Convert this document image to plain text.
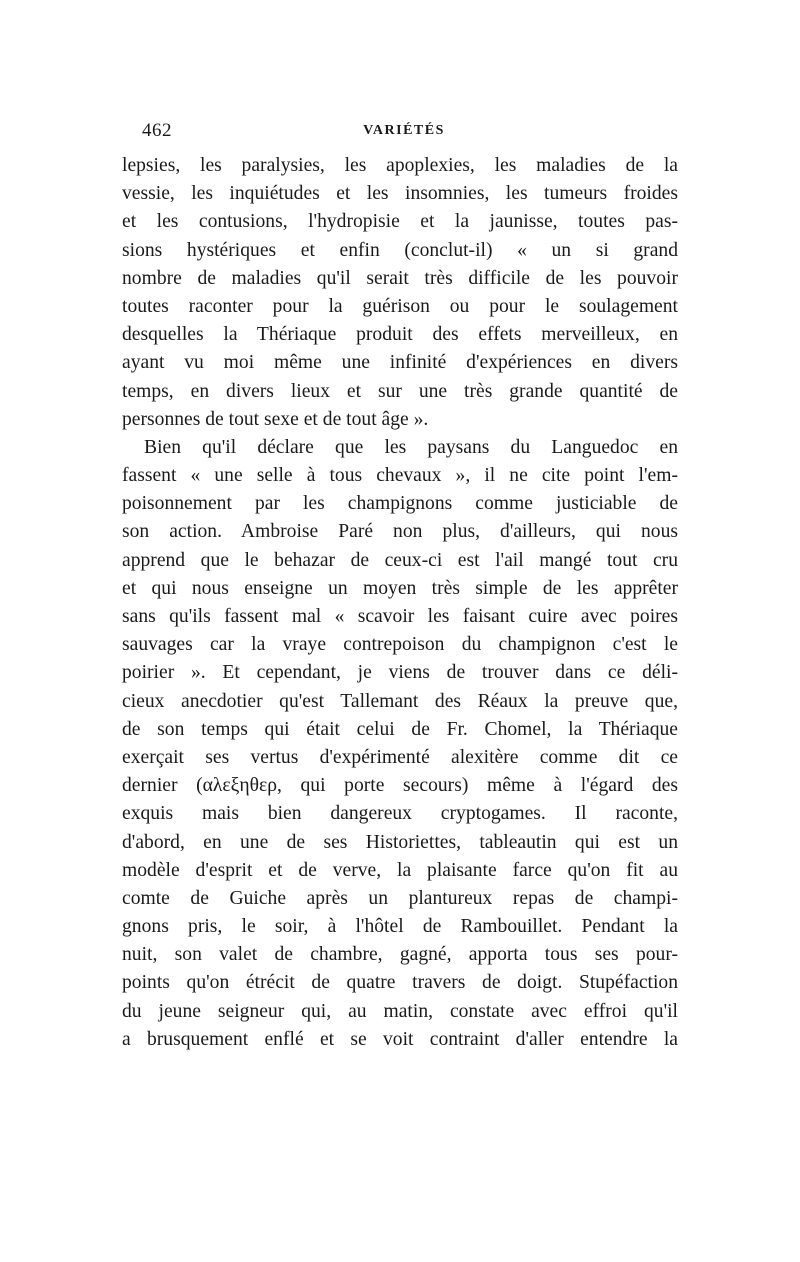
462	VARIÉTÉS
lepsies, les paralysies, les apoplexies, les maladies de la
vessie, les inquiétudes et les insomnies, les tumeurs froides
et les contusions, l'hydropisie et la jaunisse, toutes pas-
sions hystériques et enfin (conclut-il) « un si grand
nombre de maladies qu'il serait très difficile de les pouvoir
toutes raconter pour la guérison ou pour le soulagement
desquelles la Thériaque produit des effets merveilleux, en
ayant vu moi même une infinité d'expériences en divers
temps, en divers lieux et sur une très grande quantité de
personnes de tout sexe et de tout âge ».
Bien qu'il déclare que les paysans du Languedoc en
fassent « une selle à tous chevaux », il ne cite point l'em-
poisonnement par les champignons comme justiciable de
son action. Ambroise Paré non plus, d'ailleurs, qui nous
apprend que le behazar de ceux-ci est l'ail mangé tout cru
et qui nous enseigne un moyen très simple de les apprêter
sans qu'ils fassent mal « scavoir les faisant cuire avec poires
sauvages car la vraye contrepoison du champignon c'est le
poirier ». Et cependant, je viens de trouver dans ce déli-
cieux anecdotier qu'est Tallemant des Réaux la preuve que,
de son temps qui était celui de Fr. Chomel, la Thériaque
exerçait ses vertus d'expérimenté alexitère comme dit ce
dernier (αλεξηθερ, qui porte secours) même à l'égard des
exquis mais bien dangereux cryptogames. Il raconte,
d'abord, en une de ses Historiettes, tableautin qui est un
modèle d'esprit et de verve, la plaisante farce qu'on fit au
comte de Guiche après un plantureux repas de champi-
gnons pris, le soir, à l'hôtel de Rambouillet. Pendant la
nuit, son valet de chambre, gagné, apporta tous ses pour-
points qu'on étrécit de quatre travers de doigt. Stupéfaction
du jeune seigneur qui, au matin, constate avec effroi qu'il
a brusquement enflé et se voit contraint d'aller entendre la
